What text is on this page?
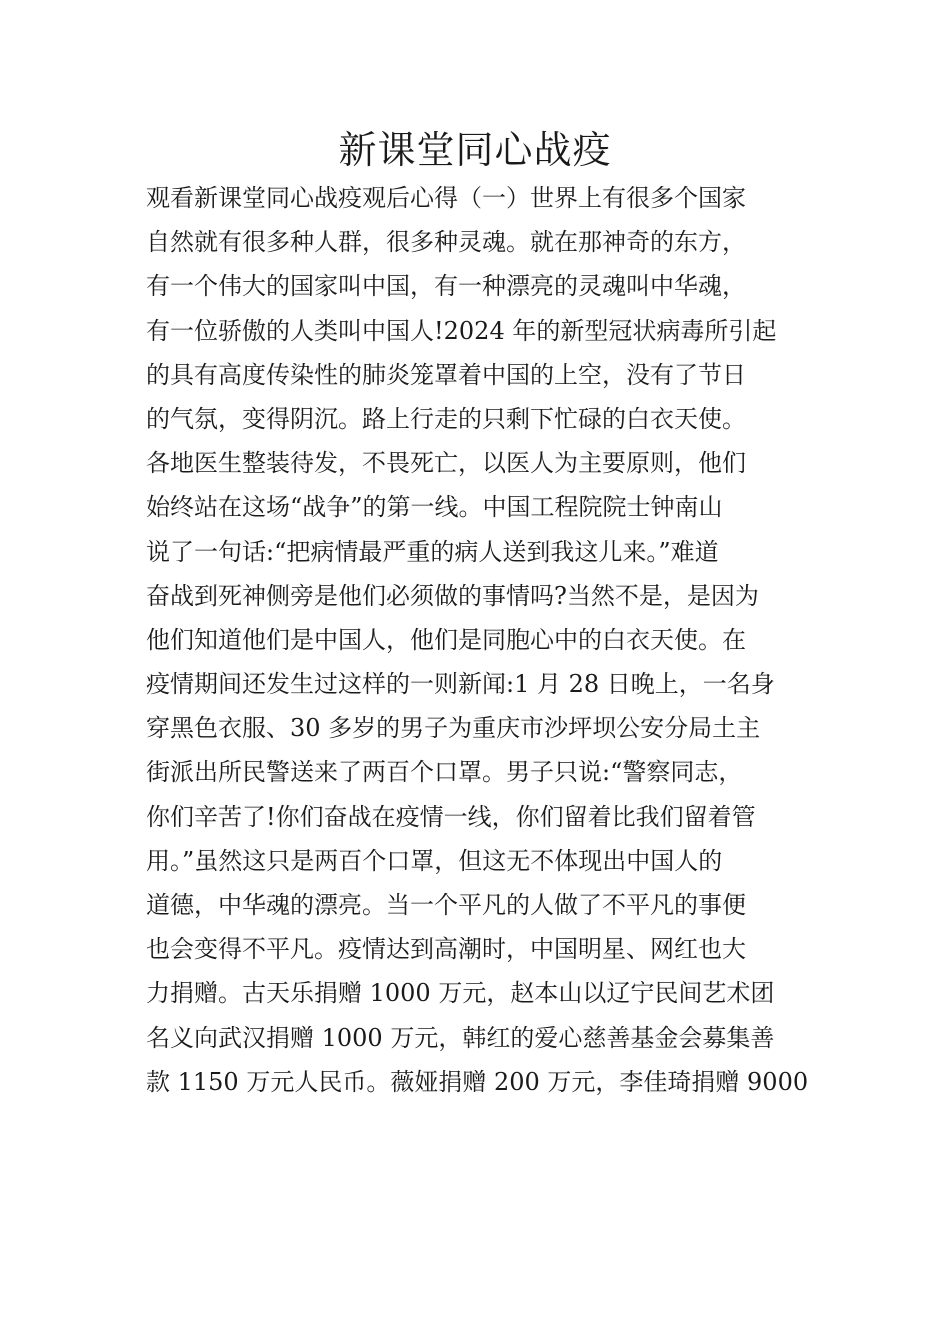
新课堂同心战疫
观看新课堂同心战疫观后心得（一）世界上有很多个国家
自然就有很多种人群，很多种灵魂。就在那神奇的东方，
有一个伟大的国家叫中国，有一种漂亮的灵魂叫中华魂，
有一位骄傲的人类叫中国人!2024 年的新型冠状病毒所引起
的具有高度传染性的肺炎笼罩着中国的上空，没有了节日
的气氛，变得阴沉。路上行走的只剩下忙碌的白衣天使。
各地医生整装待发，不畏死亡，以医人为主要原则，他们
始终站在这场“战争”的第一线。中国工程院院士钟南山
说了一句话:“把病情最严重的病人送到我这儿来。”难道
奋战到死神侧旁是他们必须做的事情吗?当然不是，是因为
他们知道他们是中国人，他们是同胞心中的白衣天使。在
疫情期间还发生过这样的一则新闻:1 月 28 日晚上，一名身
穿黑色衣服、30 多岁的男子为重庆市沙坪坝公安分局土主
街派出所民警送来了两百个口罩。男子只说:“警察同志，
你们辛苦了!你们奋战在疫情一线，你们留着比我们留着管
用。”虽然这只是两百个口罩，但这无不体现出中国人的
道德，中华魂的漂亮。当一个平凡的人做了不平凡的事便
也会变得不平凡。疫情达到高潮时，中国明星、网红也大
力捐赠。古天乐捐赠 1000 万元，赵本山以辽宁民间艺术团
名义向武汉捐赠 1000 万元，韩红的爱心慈善基金会募集善
款 1150 万元人民币。薇娅捐赠 200 万元，李佳琦捐赠 9000
